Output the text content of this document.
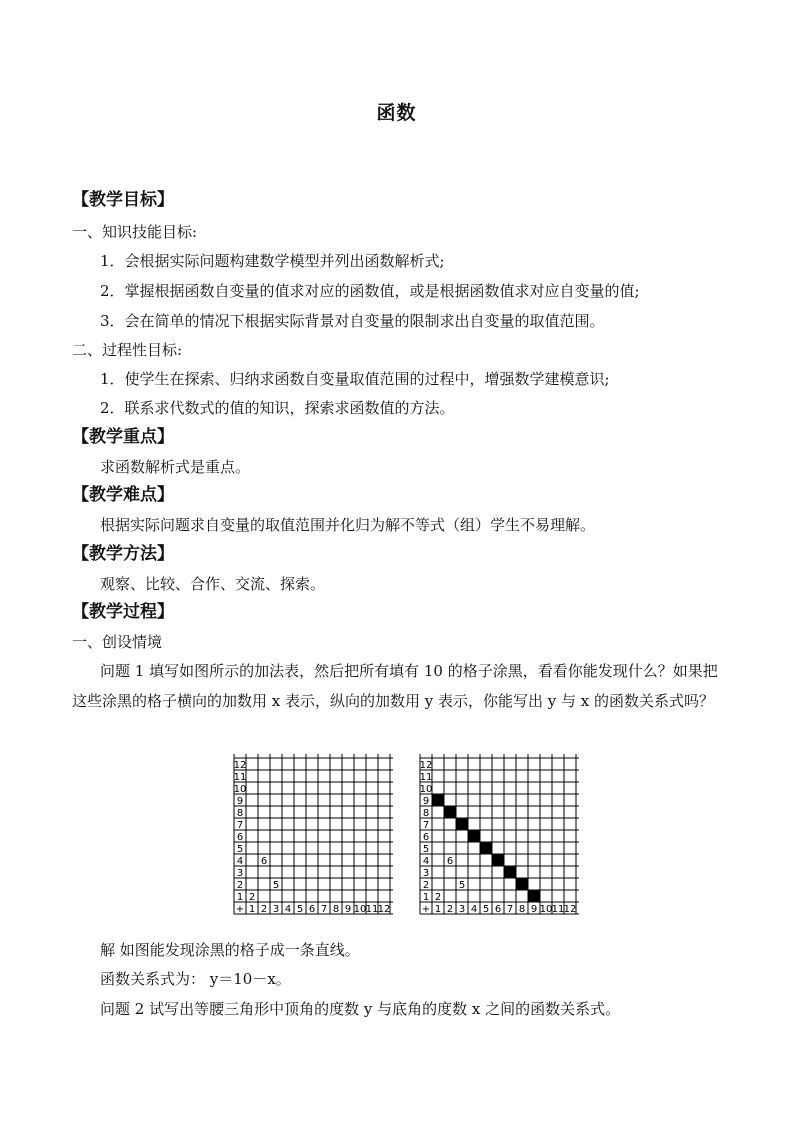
函数
【教学目标】
一、知识技能目标:
1．会根据实际问题构建数学模型并列出函数解析式;
2．掌握根据函数自变量的值求对应的函数值，或是根据函数值求对应自变量的值;
3．会在简单的情况下根据实际背景对自变量的限制求出自变量的取值范围。
二、过程性目标:
1．使学生在探索、归纳求函数自变量取值范围的过程中，增强数学建模意识;
2．联系求代数式的值的知识，探索求函数值的方法。
【教学重点】
求函数解析式是重点。
【教学难点】
根据实际问题求自变量的取值范围并化归为解不等式（组）学生不易理解。
【教学方法】
观察、比较、合作、交流、探索。
【教学过程】
一、创设情境
问题 1 填写如图所示的加法表，然后把所有填有 10 的格子涂黑，看看你能发现什么？如果把这些涂黑的格子横向的加数用 x 表示，纵向的加数用 y 表示，你能写出 y 与 x 的函数关系式吗？
+ 1
1
2
2
3
3
4
4
5
5
6
6
7
7
8
8
9
9
10
10
11
11
12
12
2
5
6
+ 1
1
2
2
3
3
4
4
5
5
6
6
7
7
8
8
9
9
10
10
11
11
12
12
2
5
6
解 如图能发现涂黑的格子成一条直线。
函数关系式为： y＝10－x。
问题 2 试写出等腰三角形中顶角的度数 y 与底角的度数 x 之间的函数关系式。
